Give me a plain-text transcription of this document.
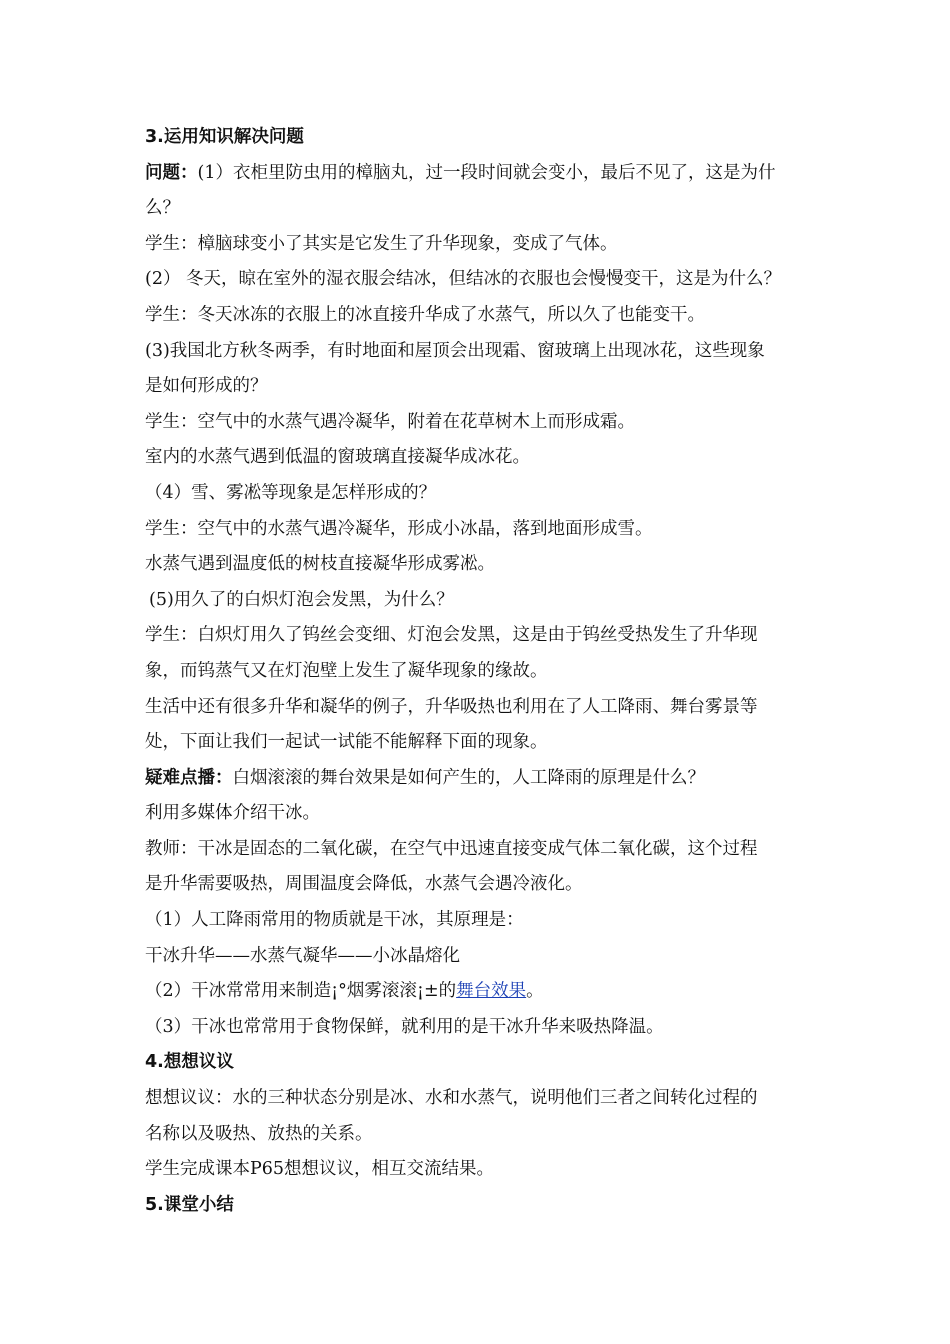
3.运用知识解决问题
问题：(1）衣柜里防虫用的樟脑丸，过一段时间就会变小，最后不见了，这是为什
么？
学生：樟脑球变小了其实是它发生了升华现象，变成了气体。
(2） 冬天，晾在室外的湿衣服会结冰，但结冰的衣服也会慢慢变干，这是为什么？
学生：冬天冰冻的衣服上的冰直接升华成了水蒸气，所以久了也能变干。
(3)我国北方秋冬两季，有时地面和屋顶会出现霜、窗玻璃上出现冰花，这些现象
是如何形成的？
学生：空气中的水蒸气遇冷凝华，附着在花草树木上而形成霜。
室内的水蒸气遇到低温的窗玻璃直接凝华成冰花。
（4）雪、雾凇等现象是怎样形成的？
学生：空气中的水蒸气遇冷凝华，形成小冰晶，落到地面形成雪。
水蒸气遇到温度低的树枝直接凝华形成雾凇。
(5)用久了的白炽灯泡会发黑，为什么？
学生：白炽灯用久了钨丝会变细、灯泡会发黑，这是由于钨丝受热发生了升华现
象，而钨蒸气又在灯泡壁上发生了凝华现象的缘故。
生活中还有很多升华和凝华的例子，升华吸热也利用在了人工降雨、舞台雾景等
处，下面让我们一起试一试能不能解释下面的现象。
疑难点播：白烟滚滚的舞台效果是如何产生的，人工降雨的原理是什么？
利用多媒体介绍干冰。
教师：干冰是固态的二氧化碳，在空气中迅速直接变成气体二氧化碳，这个过程
是升华需要吸热，周围温度会降低，水蒸气会遇冷液化。
（1）人工降雨常用的物质就是干冰，其原理是：
干冰升华——水蒸气凝华——小冰晶熔化
（2）干冰常常用来制造¡°烟雾滚滚¡±的舞台效果。
（3）干冰也常常用于食物保鲜，就利用的是干冰升华来吸热降温。
4.想想议议
想想议议：水的三种状态分别是冰、水和水蒸气，说明他们三者之间转化过程的
名称以及吸热、放热的关系。
学生完成课本P65想想议议，相互交流结果。
5.课堂小结
